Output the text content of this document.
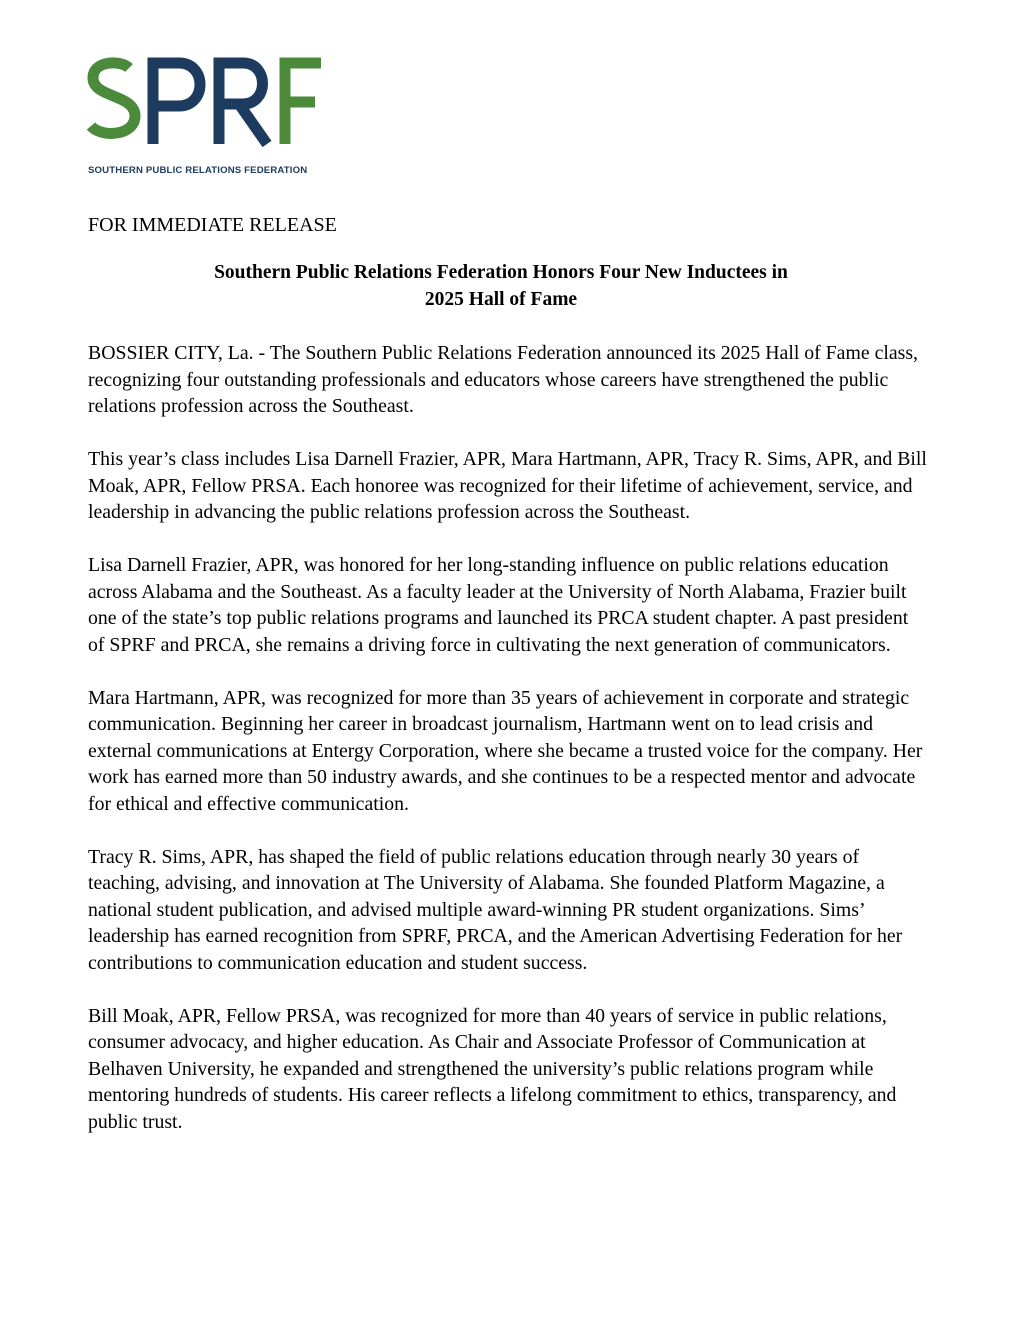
SOUTHERN PUBLIC RELATIONS FEDERATION
FOR IMMEDIATE RELEASE
Southern Public Relations Federation Honors Four New Inductees in
2025 Hall of Fame

BOSSIER CITY, La. - The Southern Public Relations Federation announced its 2025 Hall of Fame class, recognizing four outstanding professionals and educators whose careers have strengthened the public relations profession across the Southeast.

This year’s class includes Lisa Darnell Frazier, APR, Mara Hartmann, APR, Tracy R. Sims, APR, and Bill Moak, APR, Fellow PRSA. Each honoree was recognized for their lifetime of achievement, service, and leadership in advancing the public relations profession across the Southeast.

Lisa Darnell Frazier, APR, was honored for her long-standing influence on public relations education across Alabama and the Southeast. As a faculty leader at the University of North Alabama, Frazier built one of the state’s top public relations programs and launched its PRCA student chapter. A past president of SPRF and PRCA, she remains a driving force in cultivating the next generation of communicators.

Mara Hartmann, APR, was recognized for more than 35 years of achievement in corporate and strategic communication. Beginning her career in broadcast journalism, Hartmann went on to lead crisis and external communications at Entergy Corporation, where she became a trusted voice for the company. Her work has earned more than 50 industry awards, and she continues to be a respected mentor and advocate for ethical and effective communication.

Tracy R. Sims, APR, has shaped the field of public relations education through nearly 30 years of teaching, advising, and innovation at The University of Alabama. She founded Platform Magazine, a national student publication, and advised multiple award-winning PR student organizations. Sims’ leadership has earned recognition from SPRF, PRCA, and the American Advertising Federation for her contributions to communication education and student success.

Bill Moak, APR, Fellow PRSA, was recognized for more than 40 years of service in public relations, consumer advocacy, and higher education. As Chair and Associate Professor of Communication at Belhaven University, he expanded and strengthened the university’s public relations program while mentoring hundreds of students. His career reflects a lifelong commitment to ethics, transparency, and public trust.
